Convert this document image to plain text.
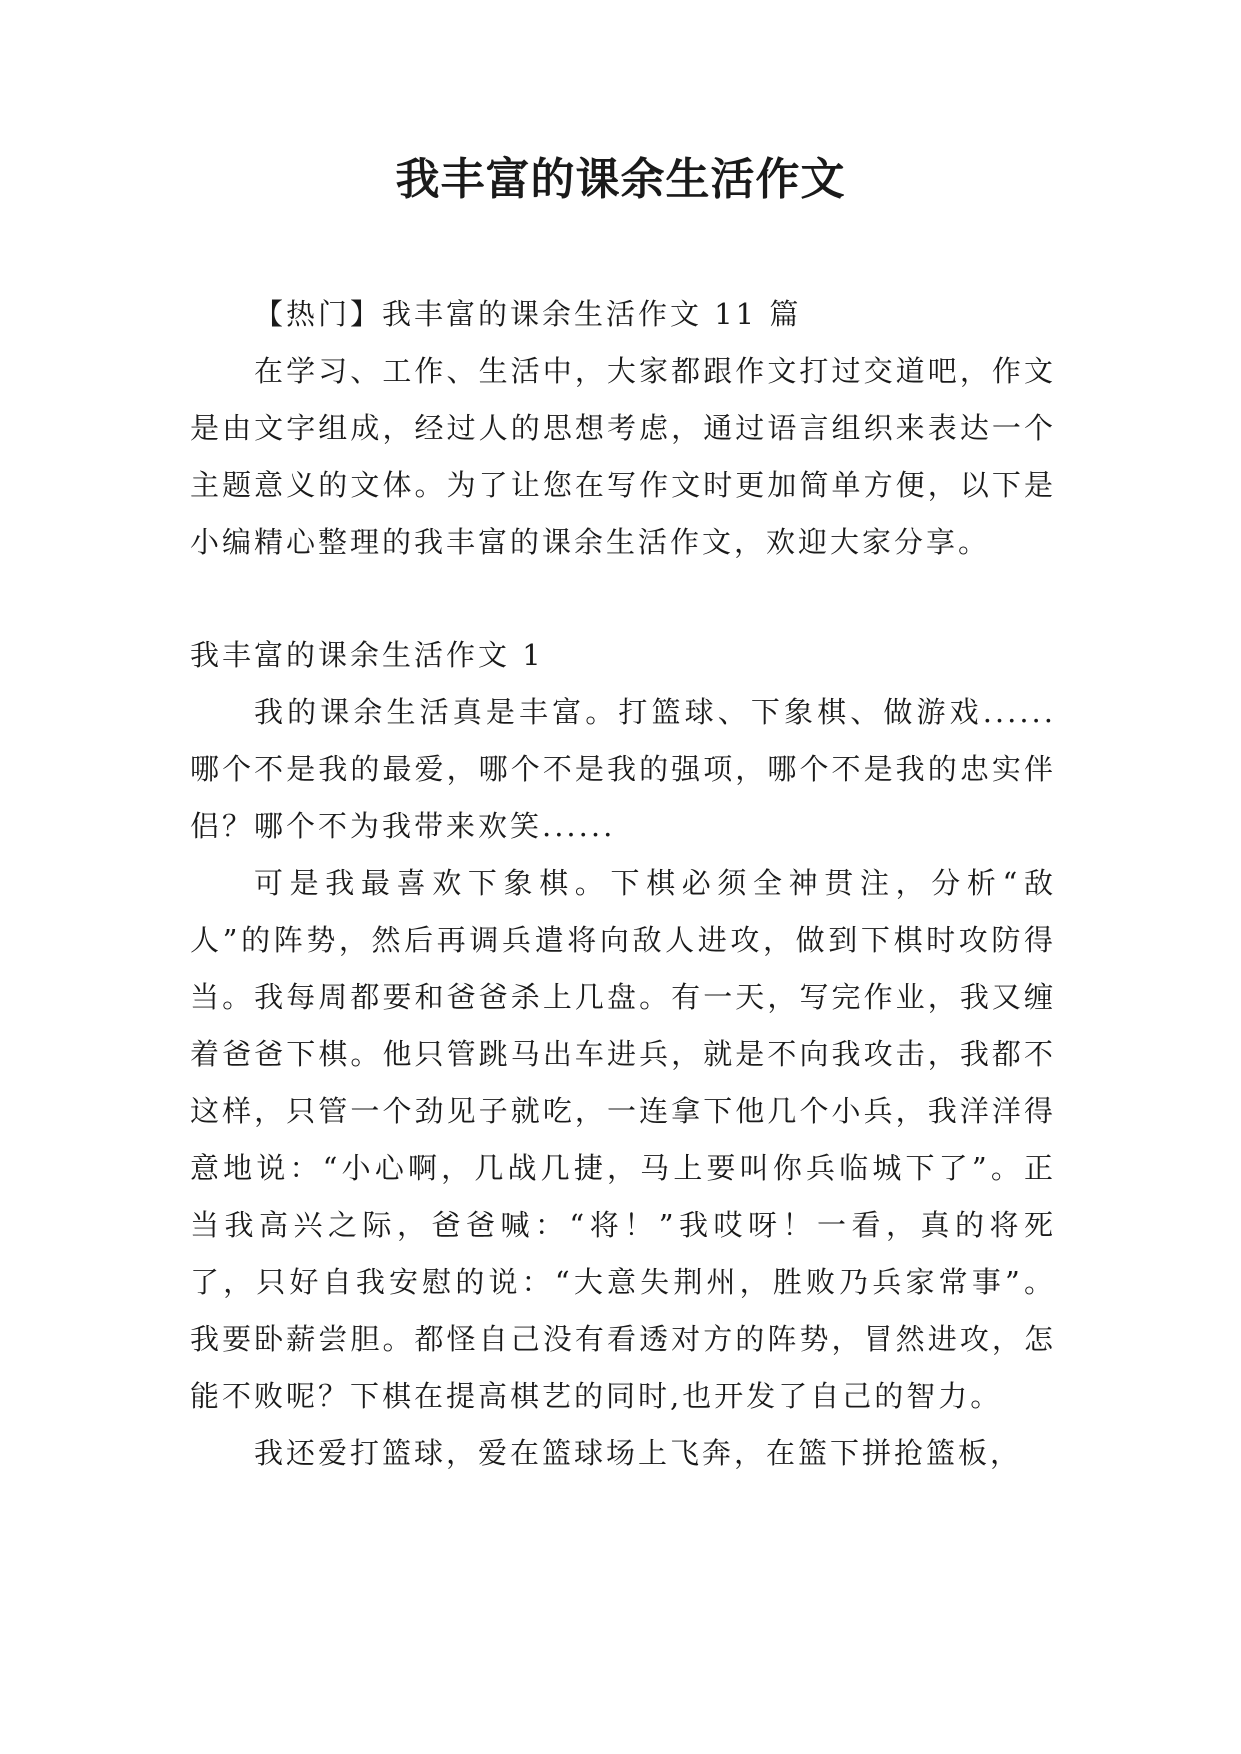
我丰富的课余生活作文

【热门】我丰富的课余生活作文 11 篇

在学习、工作、生活中，大家都跟作文打过交道吧，作文是由文字组成，经过人的思想考虑，通过语言组织来表达一个主题意义的文体。为了让您在写作文时更加简单方便，以下是小编精心整理的我丰富的课余生活作文，欢迎大家分享。

我丰富的课余生活作文 1

我的课余生活真是丰富。打篮球、下象棋、做游戏......哪个不是我的最爱，哪个不是我的强项，哪个不是我的忠实伴侣？哪个不为我带来欢笑......

可是我最喜欢下象棋。下棋必须全神贯注，分析“敌人”的阵势，然后再调兵遣将向敌人进攻，做到下棋时攻防得当。我每周都要和爸爸杀上几盘。有一天，写完作业，我又缠着爸爸下棋。他只管跳马出车进兵，就是不向我攻击，我都不这样，只管一个劲见子就吃，一连拿下他几个小兵，我洋洋得意地说：“小心啊，几战几捷，马上要叫你兵临城下了”。正当我高兴之际，爸爸喊：“将！”我哎呀！一看，真的将死了，只好自我安慰的说：“大意失荆州，胜败乃兵家常事”。我要卧薪尝胆。都怪自己没有看透对方的阵势，冒然进攻，怎能不败呢？下棋在提高棋艺的同时,也开发了自己的智力。

我还爱打篮球，爱在篮球场上飞奔，在篮下拼抢篮板，
